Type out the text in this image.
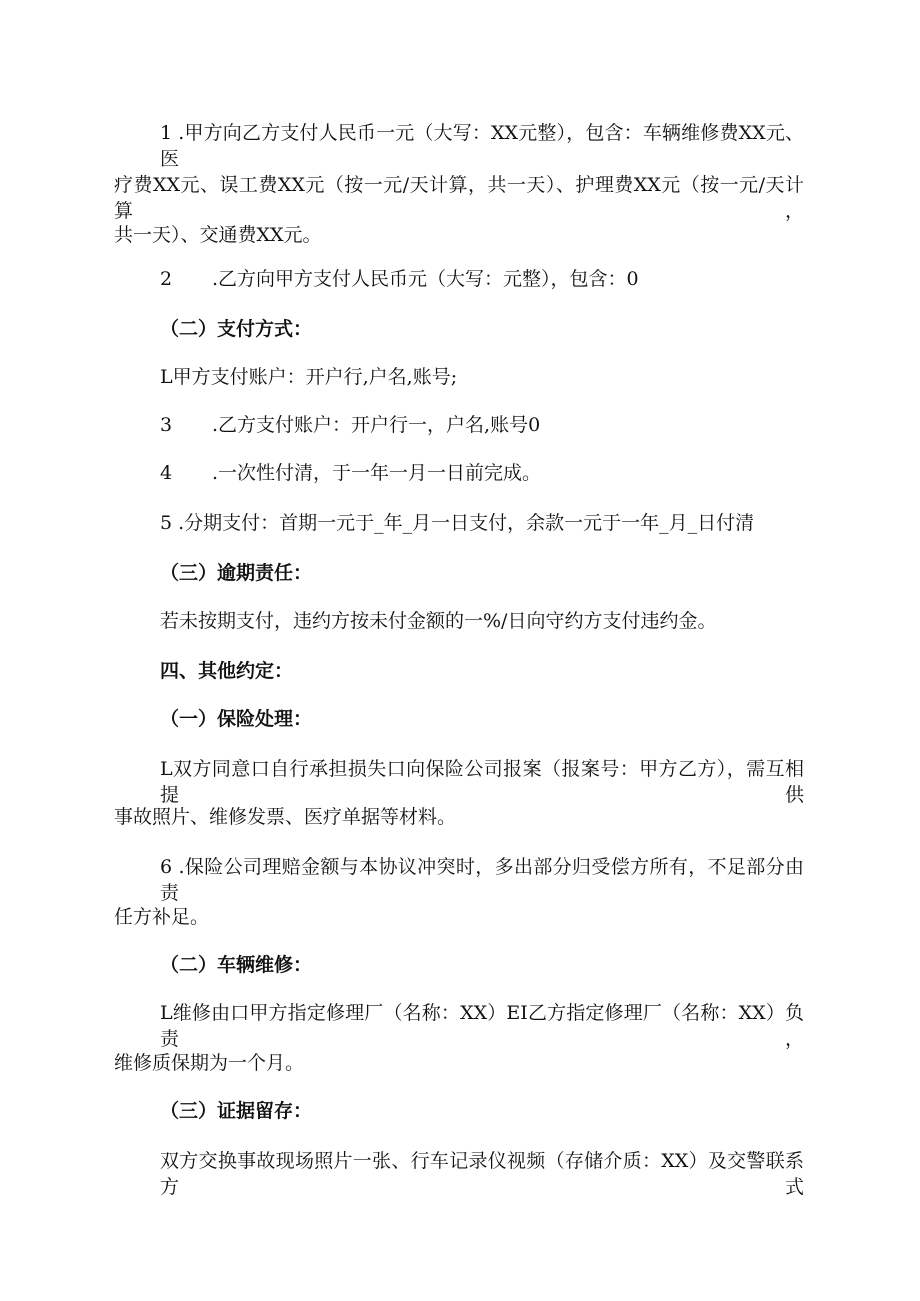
1 .甲方向乙方支付人民币一元（大写：XX元整），包含：车辆维修费XX元、医

疗费XX元、误工费XX元（按一元/天计算，共一天）、护理费XX元（按一元/天计算，

共一天）、交通费XX元。

2 .乙方向甲方支付人民币元（大写：元整），包含：0

（二）支付方式：

L甲方支付账户：开户行,户名,账号;

3 .乙方支付账户：开户行一，户名,账号0

4 .一次性付清，于一年一月一日前完成。

5 .分期支付：首期一元于_年_月一日支付，余款一元于一年_月_日付清

（三）逾期责任：

若未按期支付，违约方按未付金额的一%/日向守约方支付违约金。

四、其他约定：

（一）保险处理：

L双方同意口自行承担损失口向保险公司报案（报案号：甲方乙方），需互相提供

事故照片、维修发票、医疗单据等材料。

6 .保险公司理赔金额与本协议冲突时，多出部分归受偿方所有，不足部分由责

任方补足。

（二）车辆维修：

L维修由口甲方指定修理厂（名称：XX）EI乙方指定修理厂（名称：XX）负责，

维修质保期为一个月。

（三）证据留存：

双方交换事故现场照片一张、行车记录仪视频（存储介质：XX）及交警联系方式
